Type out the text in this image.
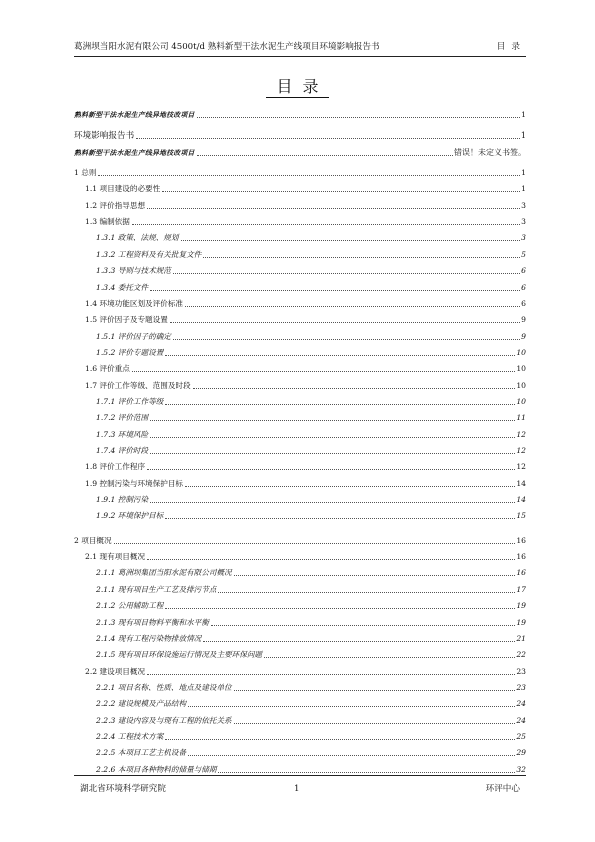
葛洲坝当阳水泥有限公司 4500t/d 熟料新型干法水泥生产线项目环境影响报告书	目录
目录
熟料新型干法水泥生产线异地技改项目	1
环境影响报告书	1
熟料新型干法水泥生产线异地技改项目	错误！未定义书签。
1 总则	1
1.1 项目建设的必要性	1
1.2 评价指导思想	3
1.3 编制依据	3
1.3.1 政策、法规、规划	3
1.3.2 工程资料及有关批复文件	5
1.3.3 导则与技术规范	6
1.3.4 委托文件	6
1.4 环境功能区划及评价标准	6
1.5 评价因子及专题设置	9
1.5.1 评价因子的确定	9
1.5.2 评价专题设置	10
1.6 评价重点	10
1.7 评价工作等级、范围及时段	10
1.7.1 评价工作等级	10
1.7.2 评价范围	11
1.7.3 环境风险	12
1.7.4 评价时段	12
1.8 评价工作程序	12
1.9 控制污染与环境保护目标	14
1.9.1 控制污染	14
1.9.2 环境保护目标	15
2 项目概况	16
2.1 现有项目概况	16
2.1.1 葛洲坝集团当阳水泥有限公司概况	16
2.1.1 现有项目生产工艺及排污节点	17
2.1.2 公用辅助工程	19
2.1.3 现有项目物料平衡和水平衡	19
2.1.4 现有工程污染物排放情况	21
2.1.5 现有项目环保设施运行情况及主要环保问题	22
2.2 建设项目概况	23
2.2.1 项目名称、性质、地点及建设单位	23
2.2.2 建设规模及产品结构	24
2.2.3 建设内容及与现有工程的依托关系	24
2.2.4 工程技术方案	25
2.2.5 本项目工艺主机设备	29
2.2.6 本项目各种物料的储量与储期	32
湖北省环境科学研究院	1	环评中心
